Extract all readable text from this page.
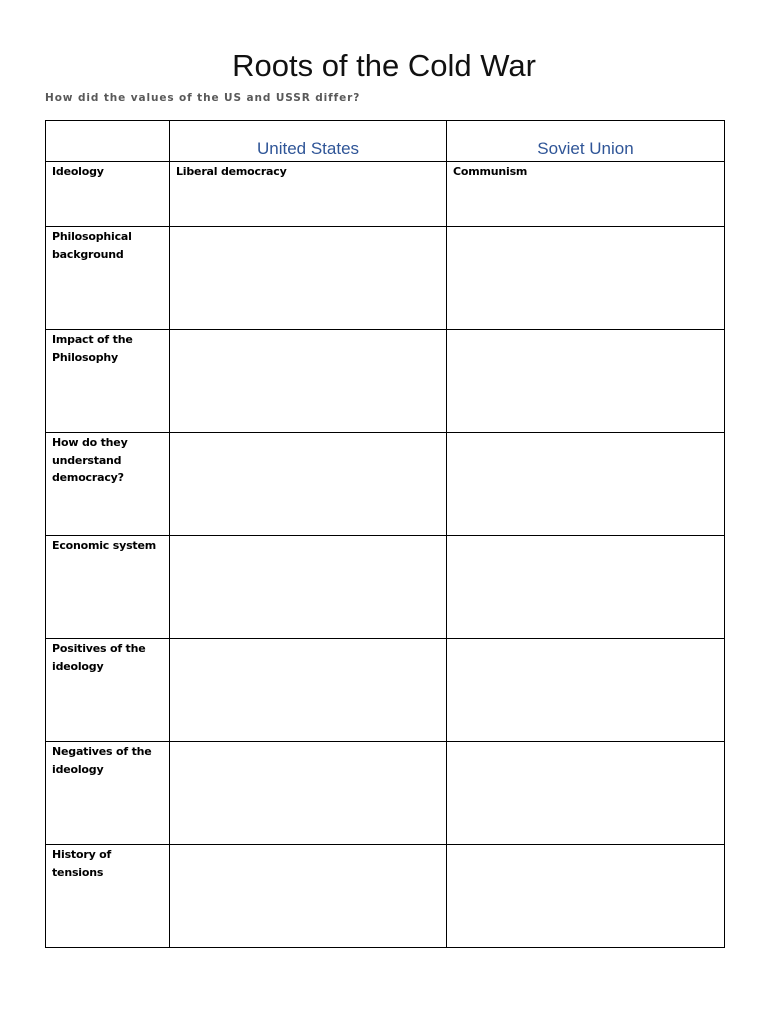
Roots of the Cold War

How did the values of the US and USSR differ?

	United States	Soviet Union

Ideology	Liberal democracy	Communism

Philosophical background		

Impact of the Philosophy		

How do they understand democracy?		

Economic system		

Positives of the ideology		

Negatives of the ideology		

History of tensions		
